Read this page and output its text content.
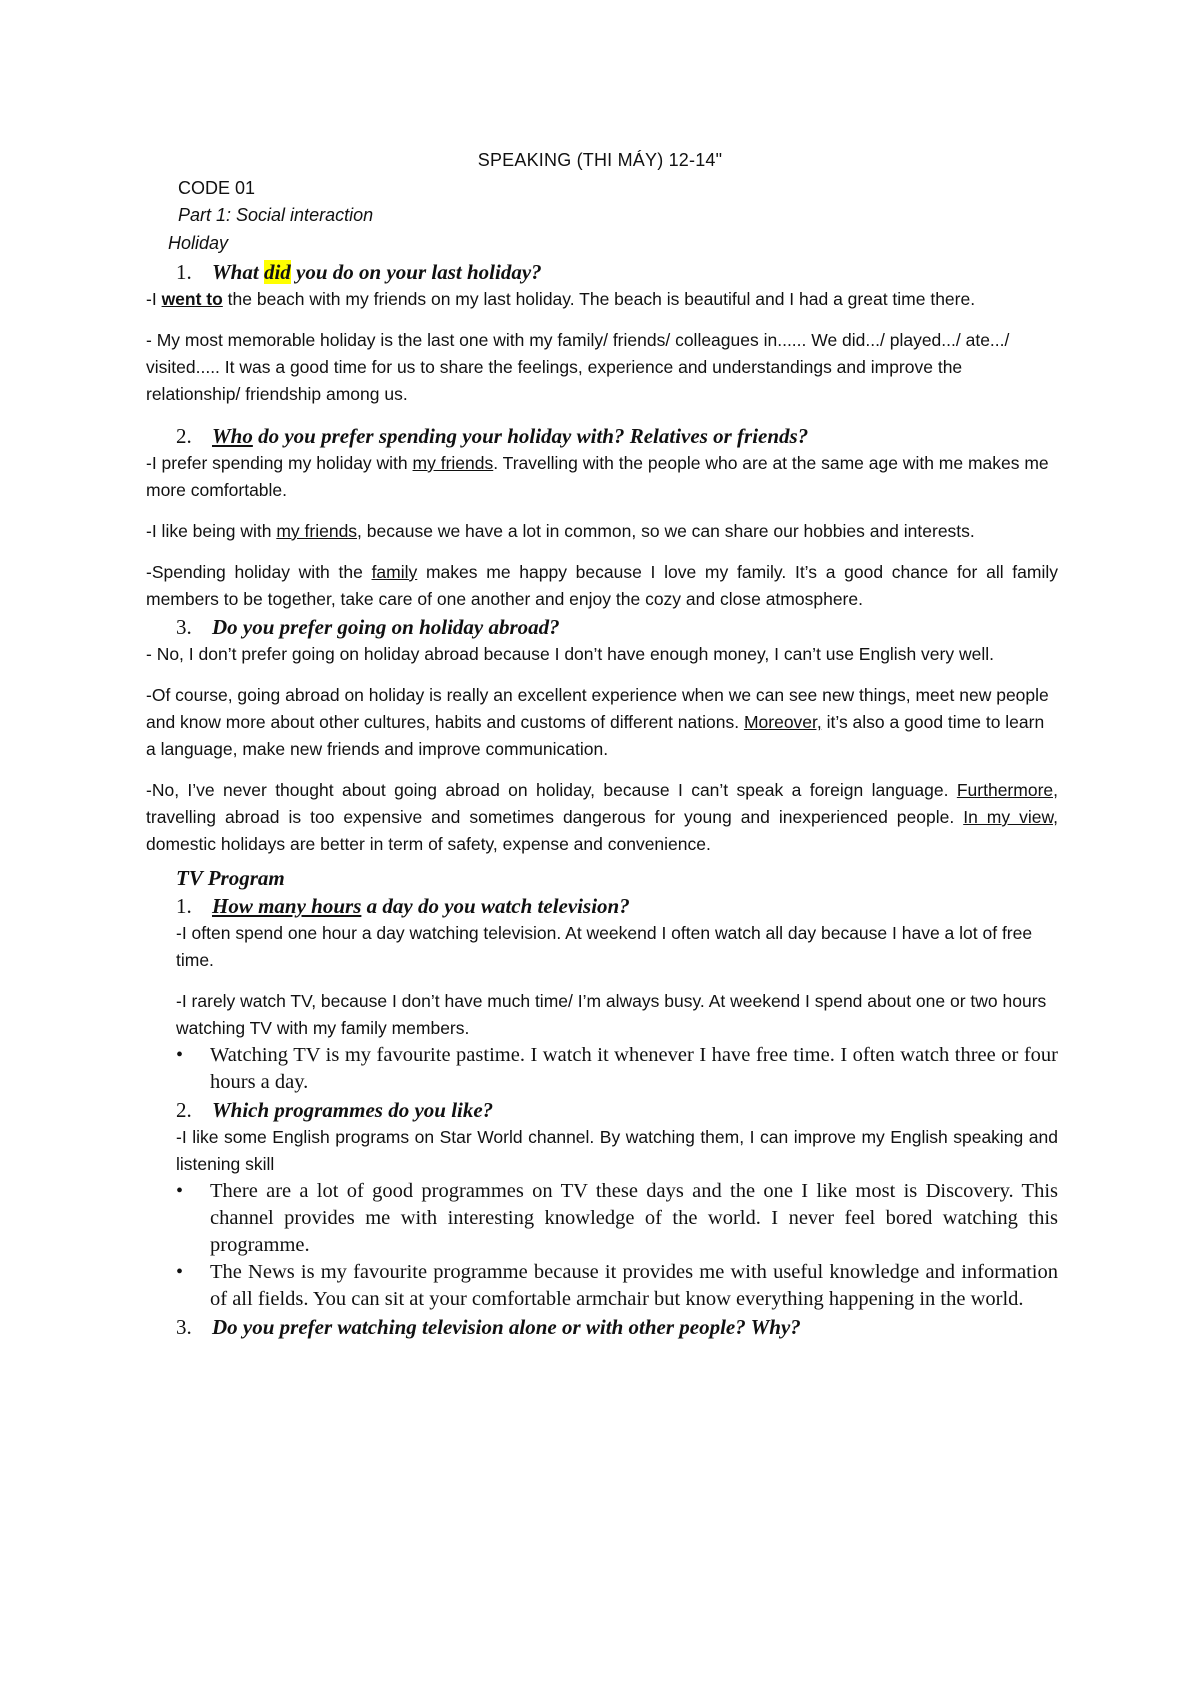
SPEAKING (THI MÁY) 12-14"
CODE 01
Part 1: Social interaction
Holiday

1. What did you do on your last holiday?

-I went to the beach with my friends on my last holiday. The beach is beautiful and I had a great time there.

- My most memorable holiday is the last one with my family/ friends/ colleagues in...... We did.../ played.../ ate.../ visited..... It was a good time for us to share the feelings, experience and understandings and improve the relationship/ friendship among us.

2. Who do you prefer spending your holiday with? Relatives or friends?

-I prefer spending my holiday with my friends. Travelling with the people who are at the same age with me makes me more comfortable.

-I like being with my friends, because we have a lot in common, so we can share our hobbies and interests.

-Spending holiday with the family makes me happy because I love my family. It’s a good chance for all family members to be together, take care of one another and enjoy the cozy and close atmosphere.

3. Do you prefer going on holiday abroad?

- No, I don’t prefer going on holiday abroad because I don’t have enough money, I can’t use English very well.

-Of course, going abroad on holiday is really an excellent experience when we can see new things, meet new people and know more about other cultures, habits and customs of different nations. Moreover, it’s also a good time to learn a language, make new friends and improve communication.

-No, I’ve never thought about going abroad on holiday, because I can’t speak a foreign language. Furthermore, travelling abroad is too expensive and sometimes dangerous for young and inexperienced people. In my view, domestic holidays are better in term of safety, expense and convenience.

TV Program

1. How many hours a day do you watch television?

-I often spend one hour a day watching television. At weekend I often watch all day because I have a lot of free time.

-I rarely watch TV, because I don’t have much time/ I’m always busy. At weekend I spend about one or two hours watching TV with my family members.

•	Watching TV is my favourite pastime. I watch it whenever I have free time. I often watch three or four hours a day.

2. Which programmes do you like?

-I like some English programs on Star World channel. By watching them, I can improve my English speaking and listening skill

•	There are a lot of good programmes on TV these days and the one I like most is Discovery. This channel provides me with interesting knowledge of the world. I never feel bored watching this programme.
•	The News is my favourite programme because it provides me with useful knowledge and information of all fields. You can sit at your comfortable armchair but know everything happening in the world.

3. Do you prefer watching television alone or with other people? Why?
